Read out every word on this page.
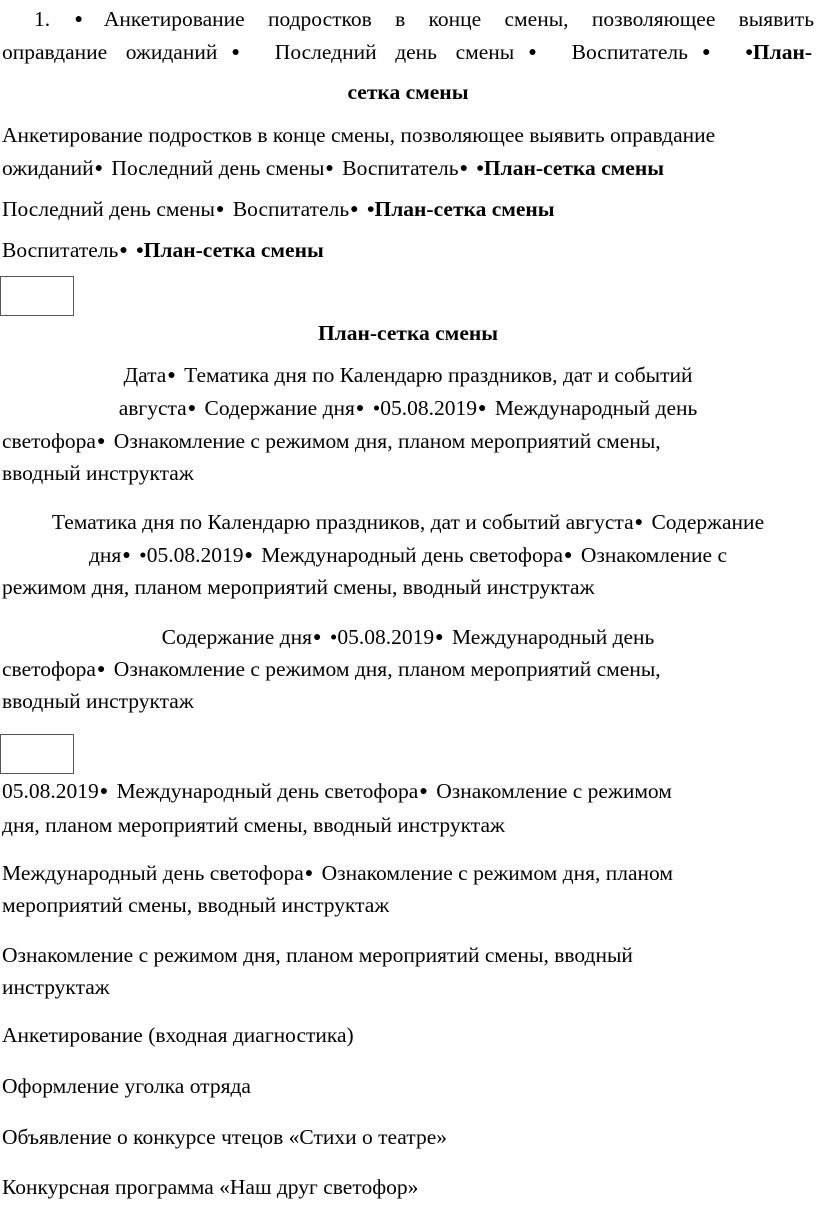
1. ● Анкетирование подростков в конце смены, позволяющее выявить

оправдание ожиданий● Последний день смены● Воспитатель● •План-

сетка смены

Анкетирование подростков в конце смены, позволяющее выявить оправдание

ожиданий● Последний день смены● Воспитатель● •План-сетка смены

Последний день смены● Воспитатель● •План-сетка смены

Воспитатель● •План-сетка смены

План-сетка смены

Дата● Тематика дня по Календарю праздников, дат и событий

августа● Содержание дня● •05.08.2019● Международный день

светофора● Ознакомление с режимом дня, планом мероприятий смены,

вводный инструктаж

Тематика дня по Календарю праздников, дат и событий августа● Содержание

дня● •05.08.2019● Международный день светофора● Ознакомление с

режимом дня, планом мероприятий смены, вводный инструктаж

Содержание дня● •05.08.2019● Международный день

светофора● Ознакомление с режимом дня, планом мероприятий смены,

вводный инструктаж

05.08.2019● Международный день светофора● Ознакомление с режимом

дня, планом мероприятий смены, вводный инструктаж

Международный день светофора● Ознакомление с режимом дня, планом

мероприятий смены, вводный инструктаж

Ознакомление с режимом дня, планом мероприятий смены, вводный

инструктаж

Анкетирование (входная диагностика)

Оформление уголка отряда

Объявление о конкурсе чтецов «Стихи о театре»

Конкурсная программа «Наш друг светофор»
